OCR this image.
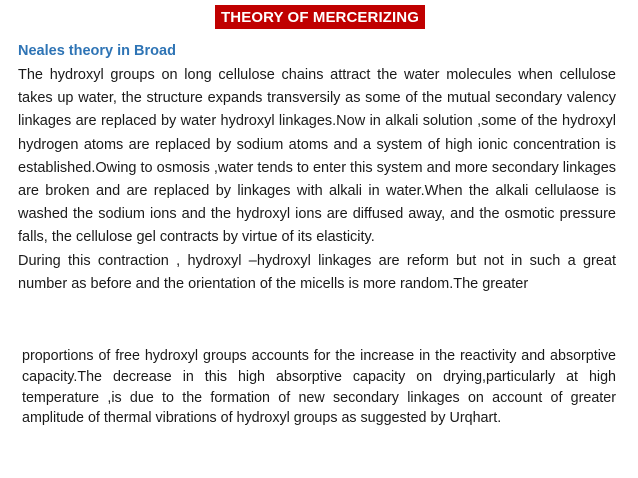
THEORY OF MERCERIZING
Neales theory in Broad
The hydroxyl groups on long cellulose chains attract the water molecules when cellulose takes up water, the structure expands transversily as some of the mutual secondary valency linkages are replaced by water hydroxyl linkages.Now in alkali solution ,some of the hydroxyl hydrogen atoms are replaced by sodium atoms and a system of high ionic concentration is established.Owing to osmosis ,water tends to enter this system and more secondary linkages are broken and are replaced by linkages with alkali in water.When the alkali cellulaose is washed the sodium ions and the hydroxyl ions are diffused away, and the osmotic pressure falls, the cellulose gel contracts by virtue of its elasticity.
During this contraction , hydroxyl –hydroxyl linkages are reform but not in such a great number as before and the orientation of the micells is more random.The greater

proportions of free hydroxyl groups accounts for the increase in the reactivity and absorptive capacity.The decrease in this high absorptive capacity on drying,particularly at high temperature ,is due to the formation of new secondary linkages on account of greater amplitude of thermal vibrations of hydroxyl groups as suggested by Urqhart.
